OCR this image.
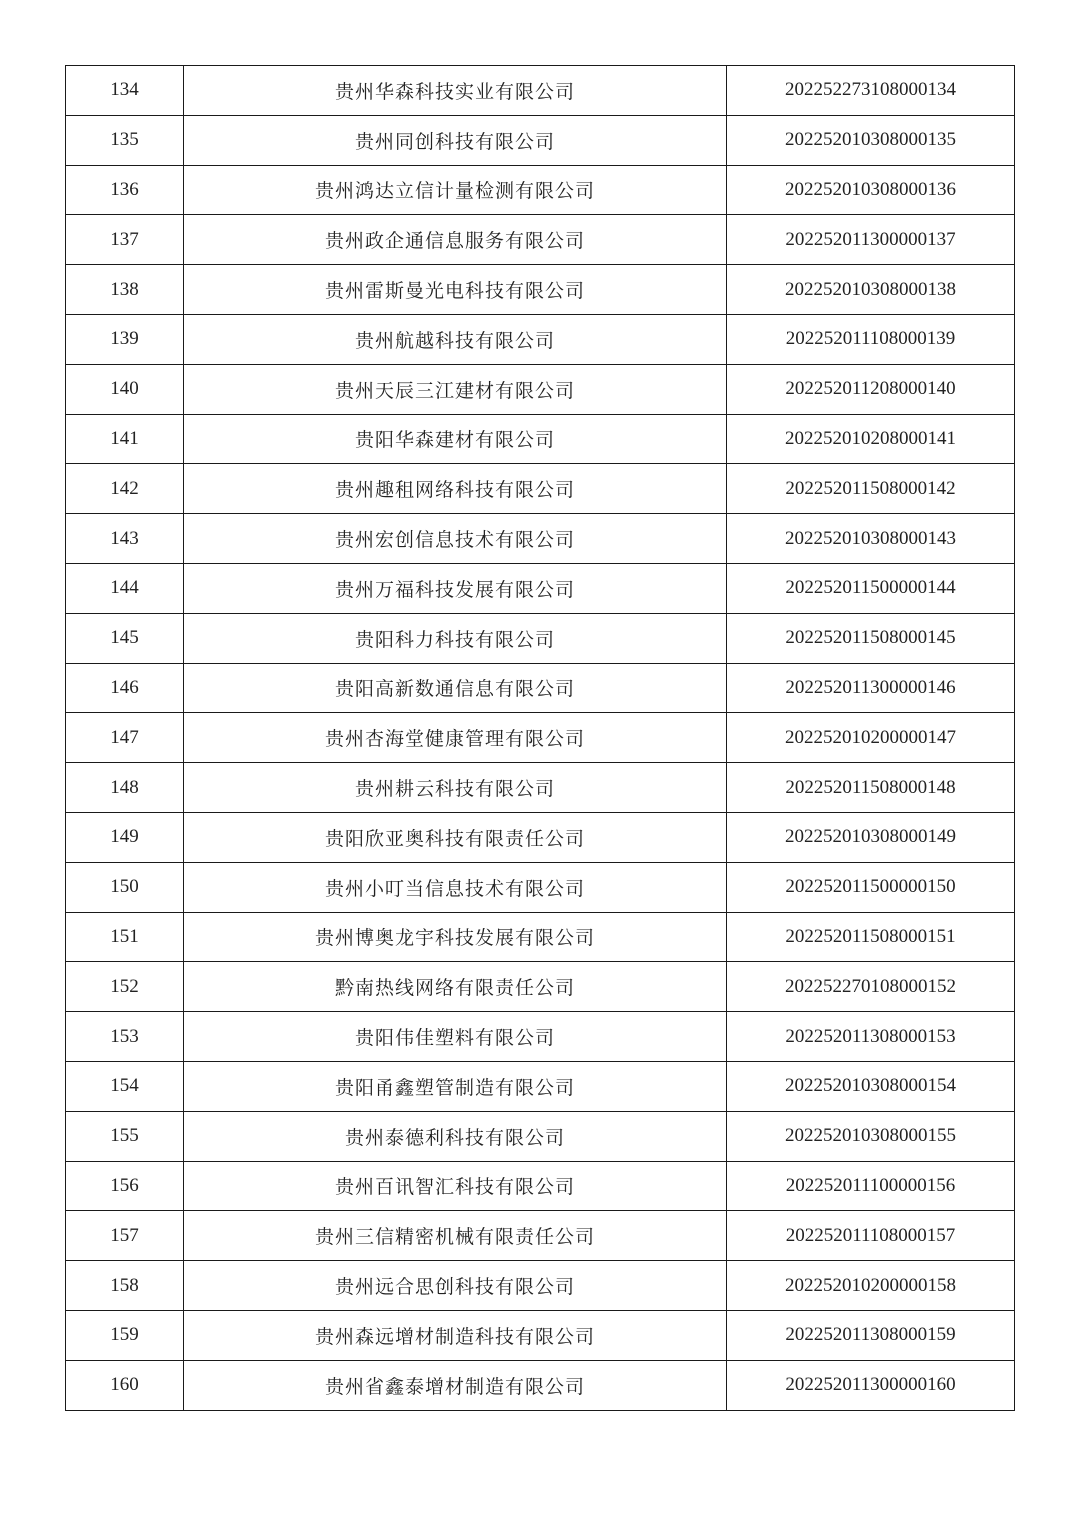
134	贵州华森科技实业有限公司	20225227310800013‌4
135	贵州同创科技有限公司	202252010308000135
136	贵州鸿达立信计量检测有限公司	202252010308000136
137	贵州政企通信息服务有限公司	202252011300000137
138	贵州雷斯曼光电科技有限公司	202252010308000138
139	贵州航越科技有限公司	202252011108000139
140	贵州天辰三江建材有限公司	202252011208000140
141	贵阳华森建材有限公司	202252010208000141
142	贵州趣租网络科技有限公司	202252011508000142
143	贵州宏创信息技术有限公司	202252010308000143
144	贵州万福科技发展有限公司	202252011500000144
145	贵阳科力科技有限公司	202252011508000145
146	贵阳高新数通信息有限公司	202252011300000146
147	贵州杏海堂健康管理有限公司	202252010200000147
148	贵州耕云科技有限公司	202252011508000148
149	贵阳欣亚奥科技有限责任公司	202252010308000149
150	贵州小叮当信息技术有限公司	202252011500000150
151	贵州博奥龙宇科技发展有限公司	202252011508000151
152	黔南热线网络有限责任公司	202252270108000152
153	贵阳伟佳塑料有限公司	202252011308000153
154	贵阳甬鑫塑管制造有限公司	202252010308000154
155	贵州泰德利科技有限公司	202252010308000155
156	贵州百讯智汇科技有限公司	202252011100000156
157	贵州三信精密机械有限责任公司	202252011108000157
158	贵州远合思创科技有限公司	202252010200000158
159	贵州森远增材制造科技有限公司	202252011308000159
160	贵州省鑫泰增材制造有限公司	202252011300000160
